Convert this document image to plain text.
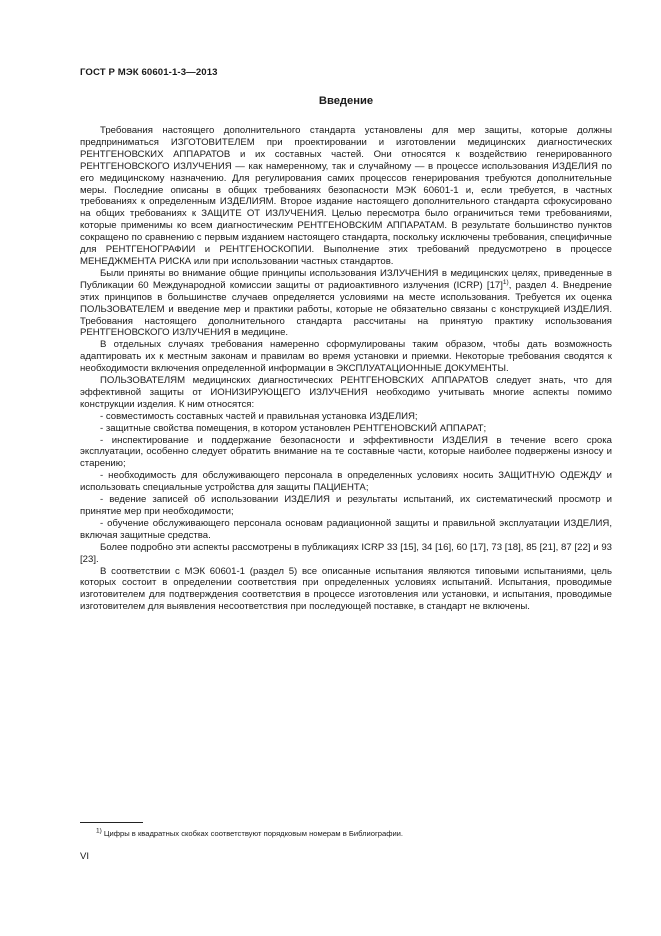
ГОСТ Р МЭК 60601-1-3—2013
Введение

Требования настоящего дополнительного стандарта установлены для мер защиты, которые должны предприниматься ИЗГОТОВИТЕЛЕМ при проектировании и изготовлении медицинских диагностических РЕНТГЕНОВСКИХ АППАРАТОВ и их составных частей. Они относятся к воздействию генерированного РЕНТГЕНОВСКОГО ИЗЛУЧЕНИЯ — как намеренному, так и случайному — в процессе использования ИЗДЕЛИЯ по его медицинскому назначению. Для регулирования самих процессов генерирования требуются дополнительные меры. Последние описаны в общих требованиях безопасности МЭК 60601-1 и, если требуется, в частных требованиях к определенным ИЗДЕЛИЯМ. Второе издание настоящего дополнительного стандарта сфокусировано на общих требованиях к ЗАЩИТЕ ОТ ИЗЛУЧЕНИЯ. Целью пересмотра было ограничиться теми требованиями, которые применимы ко всем диагностическим РЕНТГЕНОВСКИМ АППАРАТАМ. В результате большинство пунктов сокращено по сравнению с первым изданием настоящего стандарта, поскольку исключены требования, специфичные для РЕНТГЕНОГРАФИИ и РЕНТГЕНОСКОПИИ. Выполнение этих требований предусмотрено в процессе МЕНЕДЖМЕНТА РИСКА или при использовании частных стандартов.

Были приняты во внимание общие принципы использования ИЗЛУЧЕНИЯ в медицинских целях, приведенные в Публикации 60 Международной комиссии защиты от радиоактивного излучения (ICRP) $[17]^{1)}$, раздел 4. Внедрение этих принципов в большинстве случаев определяется условиями на месте использования. Требуется их оценка ПОЛЬЗОВАТЕЛЕМ и введение мер и практики работы, которые не обязательно связаны с конструкцией ИЗДЕЛИЯ. Требования настоящего дополнительного стандарта рассчитаны на принятую практику использования РЕНТГЕНОВСКОГО ИЗЛУЧЕНИЯ в медицине.

В отдельных случаях требования намеренно сформулированы таким образом, чтобы дать возможность адаптировать их к местным законам и правилам во время установки и приемки. Некоторые требования сводятся к необходимости включения определенной информации в ЭКСПЛУАТАЦИОННЫЕ ДОКУМЕНТЫ.

ПОЛЬЗОВАТЕЛЯМ медицинских диагностических РЕНТГЕНОВСКИХ АППАРАТОВ следует знать, что для эффективной защиты от ИОНИЗИРУЮЩЕГО ИЗЛУЧЕНИЯ необходимо учитывать многие аспекты помимо конструкции изделия. К ним относятся:

- совместимость составных частей и правильная установка ИЗДЕЛИЯ;

- защитные свойства помещения, в котором установлен РЕНТГЕНОВСКИЙ АППАРАТ;

- инспектирование и поддержание безопасности и эффективности ИЗДЕЛИЯ в течение всего срока эксплуатации, особенно следует обратить внимание на те составные части, которые наиболее подвержены износу и старению;

- необходимость для обслуживающего персонала в определенных условиях носить ЗАЩИТНУЮ ОДЕЖДУ и использовать специальные устройства для защиты ПАЦИЕНТА;

- ведение записей об использовании ИЗДЕЛИЯ и результаты испытаний, их систематический просмотр и принятие мер при необходимости;

- обучение обслуживающего персонала основам радиационной защиты и правильной эксплуатации ИЗДЕЛИЯ, включая защитные средства.

Более подробно эти аспекты рассмотрены в публикациях ICRP 33 [15], 34 [16], 60 [17], 73 [18], 85 [21], 87 [22] и 93 [23].

В соответствии с МЭК 60601-1 (раздел 5) все описанные испытания являются типовыми испытаниями, цель которых состоит в определении соответствия при определенных условиях испытаний. Испытания, проводимые изготовителем для подтверждения соответствия в процессе изготовления или установки, и испытания, проводимые изготовителем для выявления несоответствия при последующей поставке, в стандарт не включены.

$^{1)}$ Цифры в квадратных скобках соответствуют порядковым номерам в Библиографии.
VI
